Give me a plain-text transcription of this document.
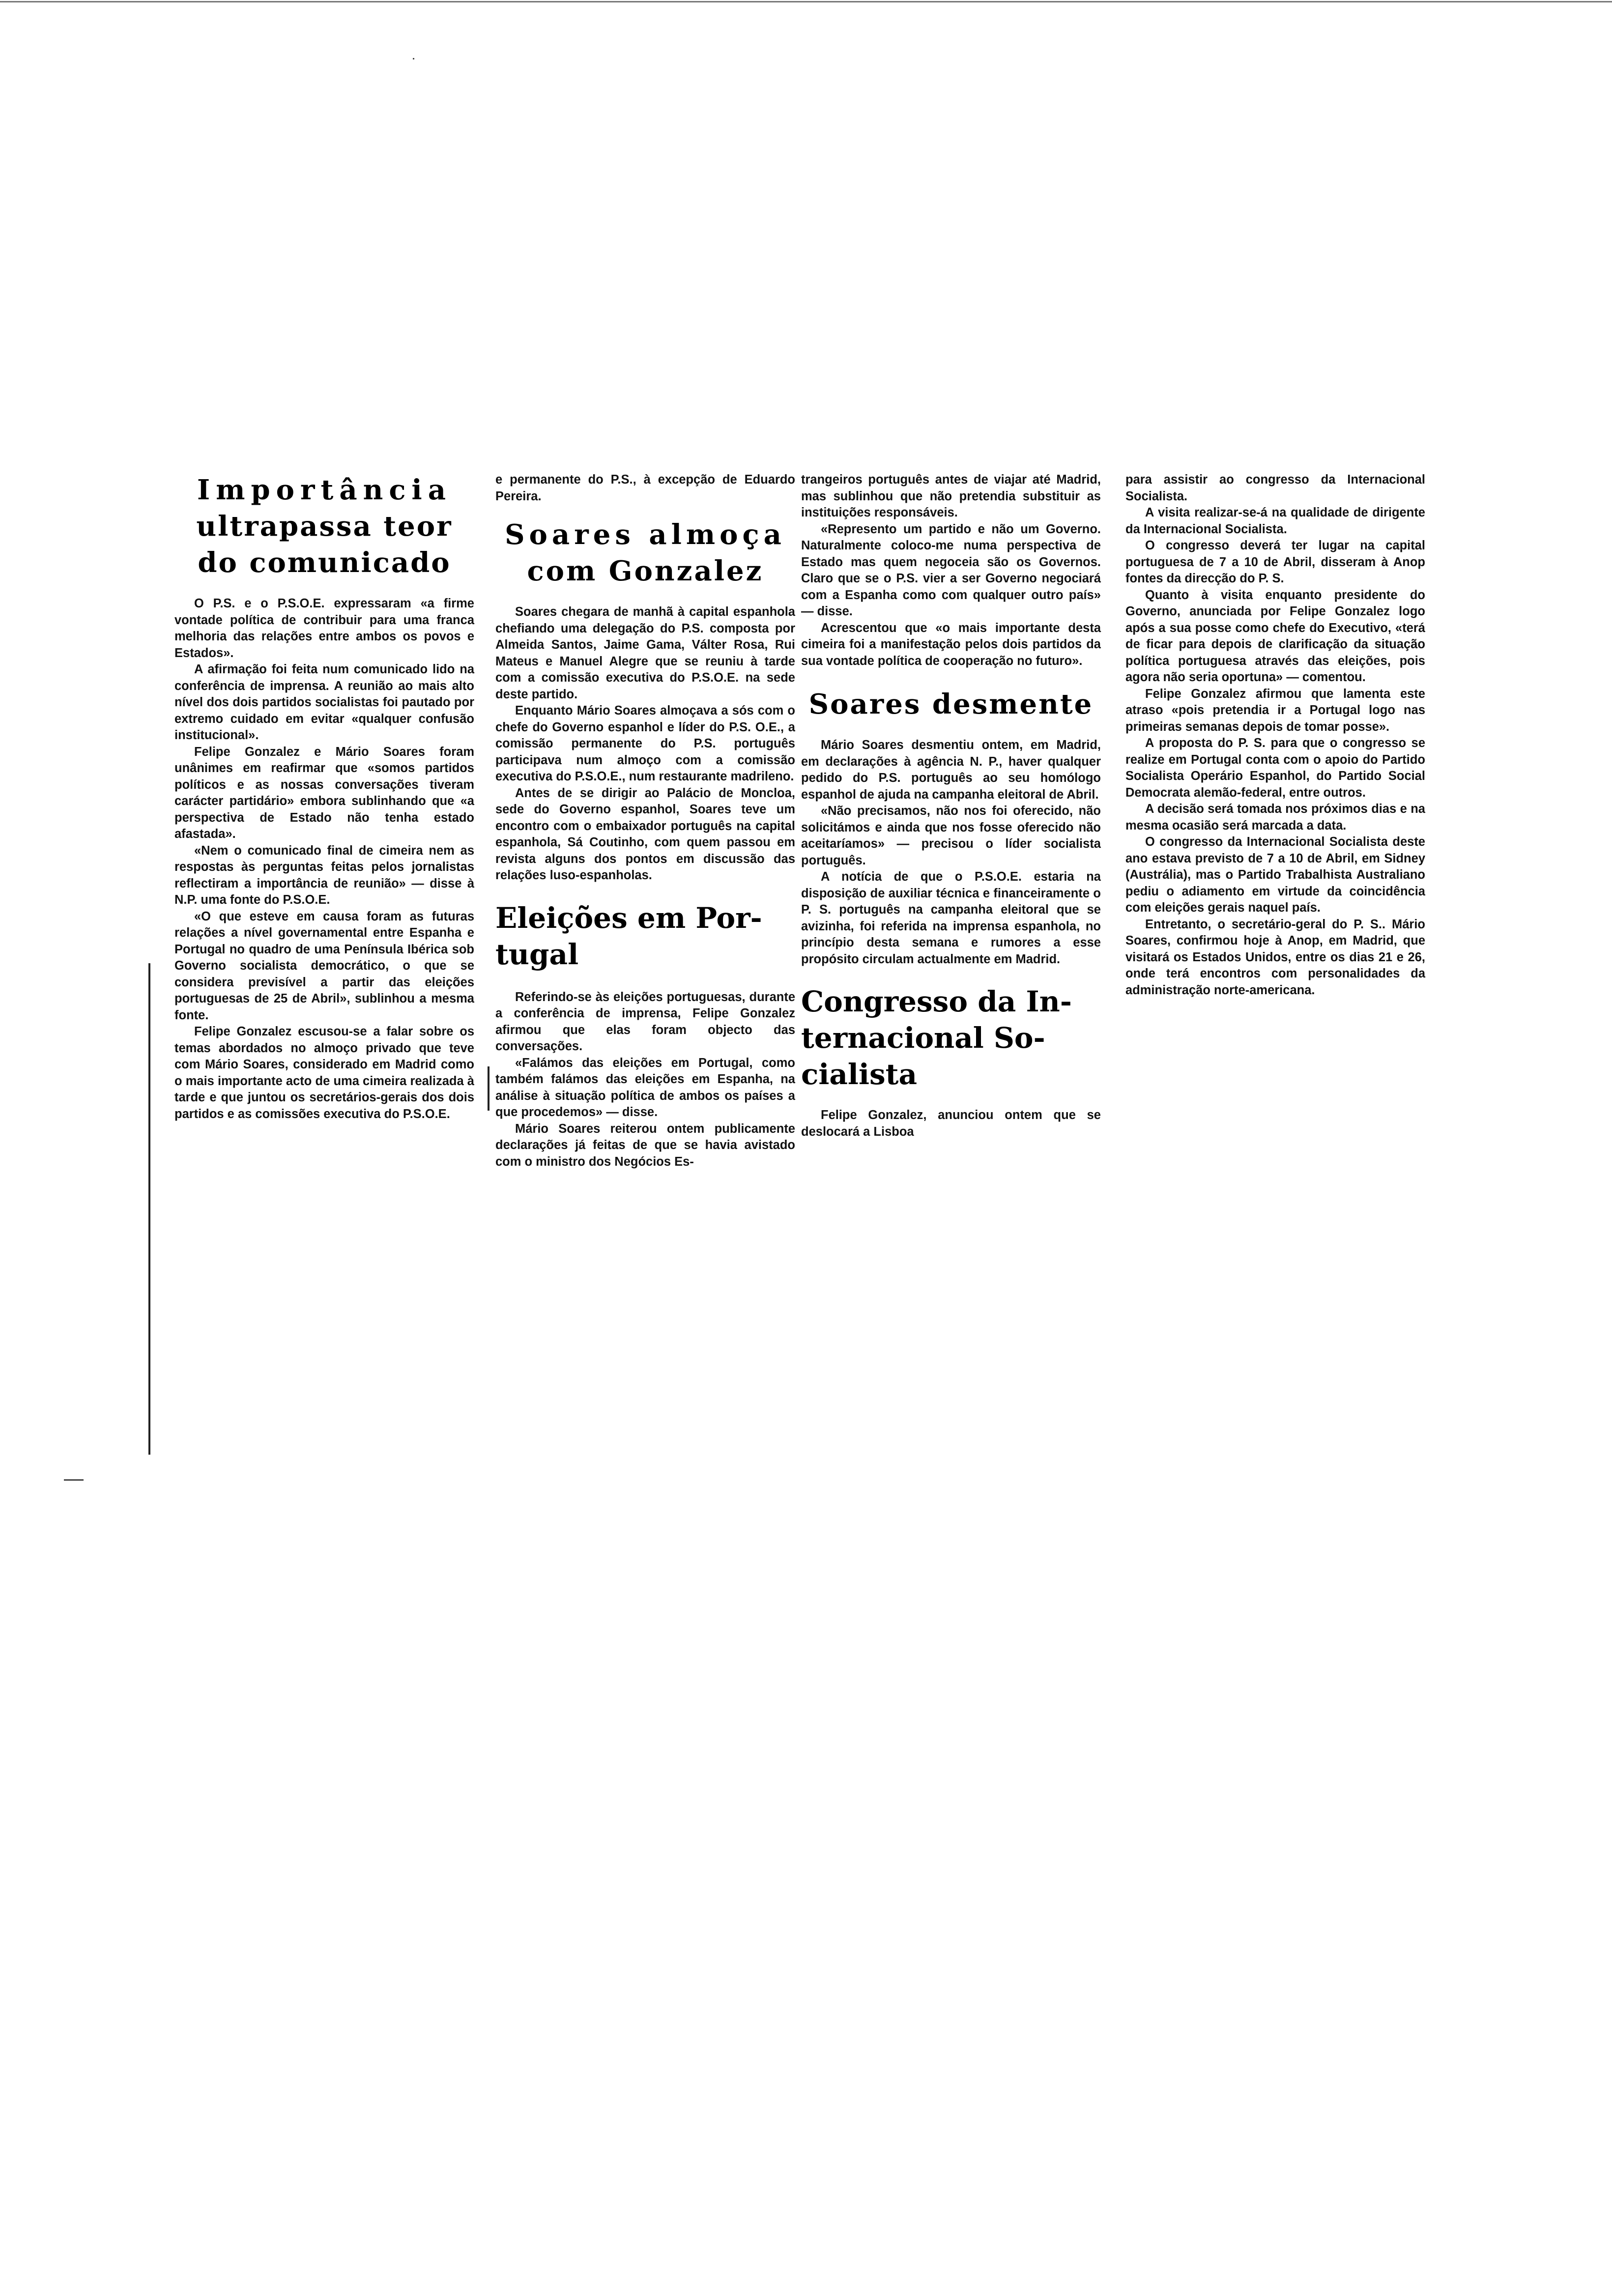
Importância
ultrapassa teor
do comunicado

O P.S. e o P.S.O.E. expressaram «a firme vontade política de contribuir para uma franca melhoria das relações entre ambos os povos e Estados».

A afirmação foi feita num comunicado lido na conferência de imprensa. A reunião ao mais alto nível dos dois partidos socialistas foi pautado por extremo cuidado em evitar «qualquer confusão institucional».

Felipe Gonzalez e Mário Soares foram unânimes em reafirmar que «somos partidos políticos e as nossas conversações tiveram carácter partidário» embora sublinhando que «a perspectiva de Estado não tenha estado afastada».

«Nem o comunicado final de cimeira nem as respostas às perguntas feitas pelos jornalistas reflectiram a importância de reunião» — disse à N.P. uma fonte do P.S.O.E.

«O que esteve em causa foram as futuras relações a nível governamental entre Espanha e Portugal no quadro de uma Península Ibérica sob Governo socialista democrático, o que se considera previsível a partir das eleições portuguesas de 25 de Abril», sublinhou a mesma fonte.

Felipe Gonzalez escusou-se a falar sobre os temas abordados no almoço privado que teve com Mário Soares, considerado em Madrid como o mais importante acto de uma cimeira realizada à tarde e que juntou os secretários-gerais dos dois partidos e as comissões executiva do P.S.O.E.

e permanente do P.S., à excepção de Eduardo Pereira.

Soares almoça
com Gonzalez

Soares chegara de manhã à capital espanhola chefiando uma delegação do P.S. composta por Almeida Santos, Jaime Gama, Válter Rosa, Rui Mateus e Manuel Alegre que se reuniu à tarde com a comissão executiva do P.S.O.E. na sede deste partido.

Enquanto Mário Soares almoçava a sós com o chefe do Governo espanhol e líder do P.S. O.E., a comissão permanente do P.S. português participava num almoço com a comissão executiva do P.S.O.E., num restaurante madrileno.

Antes de se dirigir ao Palácio de Moncloa, sede do Governo espanhol, Soares teve um encontro com o embaixador português na capital espanhola, Sá Coutinho, com quem passou em revista alguns dos pontos em discussão das relações luso-espanholas.

Eleições em Por-
tugal

Referindo-se às eleições portuguesas, durante a conferência de imprensa, Felipe Gonzalez afirmou que elas foram objecto das conversações.

«Falámos das eleições em Portugal, como também falámos das eleições em Espanha, na análise à situação política de ambos os países a que procedemos» — disse.

Mário Soares reiterou ontem publicamente declarações já feitas de que se havia avistado com o ministro dos Negócios Es-

trangeiros português antes de viajar até Madrid, mas sublinhou que não pretendia substituir as instituições responsáveis.

«Represento um partido e não um Governo. Naturalmente coloco-me numa perspectiva de Estado mas quem negoceia são os Governos. Claro que se o P.S. vier a ser Governo negociará com a Espanha como com qualquer outro país» — disse.

Acrescentou que «o mais importante desta cimeira foi a manifestação pelos dois partidos da sua vontade política de cooperação no futuro».

Soares desmente

Mário Soares desmentiu ontem, em Madrid, em declarações à agência N. P., haver qualquer pedido do P.S. português ao seu homólogo espanhol de ajuda na campanha eleitoral de Abril.

«Não precisamos, não nos foi oferecido, não solicitámos e ainda que nos fosse oferecido não aceitaríamos» — precisou o líder socialista português.

A notícia de que o P.S.O.E. estaria na disposição de auxiliar técnica e financeiramente o P. S. português na campanha eleitoral que se avizinha, foi referida na imprensa espanhola, no princípio desta semana e rumores a esse propósito circulam actualmente em Madrid.

Congresso da In-
ternacional So-
cialista

Felipe Gonzalez, anunciou ontem que se deslocará a Lisboa

para assistir ao congresso da Internacional Socialista.

A visita realizar-se-á na qualidade de dirigente da Internacional Socialista.

O congresso deverá ter lugar na capital portuguesa de 7 a 10 de Abril, disseram à Anop fontes da direcção do P. S.

Quanto à visita enquanto presidente do Governo, anunciada por Felipe Gonzalez logo após a sua posse como chefe do Executivo, «terá de ficar para depois de clarificação da situação política portuguesa através das eleições, pois agora não seria oportuna» — comentou.

Felipe Gonzalez afirmou que lamenta este atraso «pois pretendia ir a Portugal logo nas primeiras semanas depois de tomar posse».

A proposta do P. S. para que o congresso se realize em Portugal conta com o apoio do Partido Socialista Operário Espanhol, do Partido Social Democrata alemão-federal, entre outros.

A decisão será tomada nos próximos dias e na mesma ocasião será marcada a data.

O congresso da Internacional Socialista deste ano estava previsto de 7 a 10 de Abril, em Sidney (Austrália), mas o Partido Trabalhista Australiano pediu o adiamento em virtude da coincidência com eleições gerais naquel país.

Entretanto, o secretário-geral do P. S.. Mário Soares, confirmou hoje à Anop, em Madrid, que visitará os Estados Unidos, entre os dias 21 e 26, onde terá encontros com personalidades da administração norte-americana.
